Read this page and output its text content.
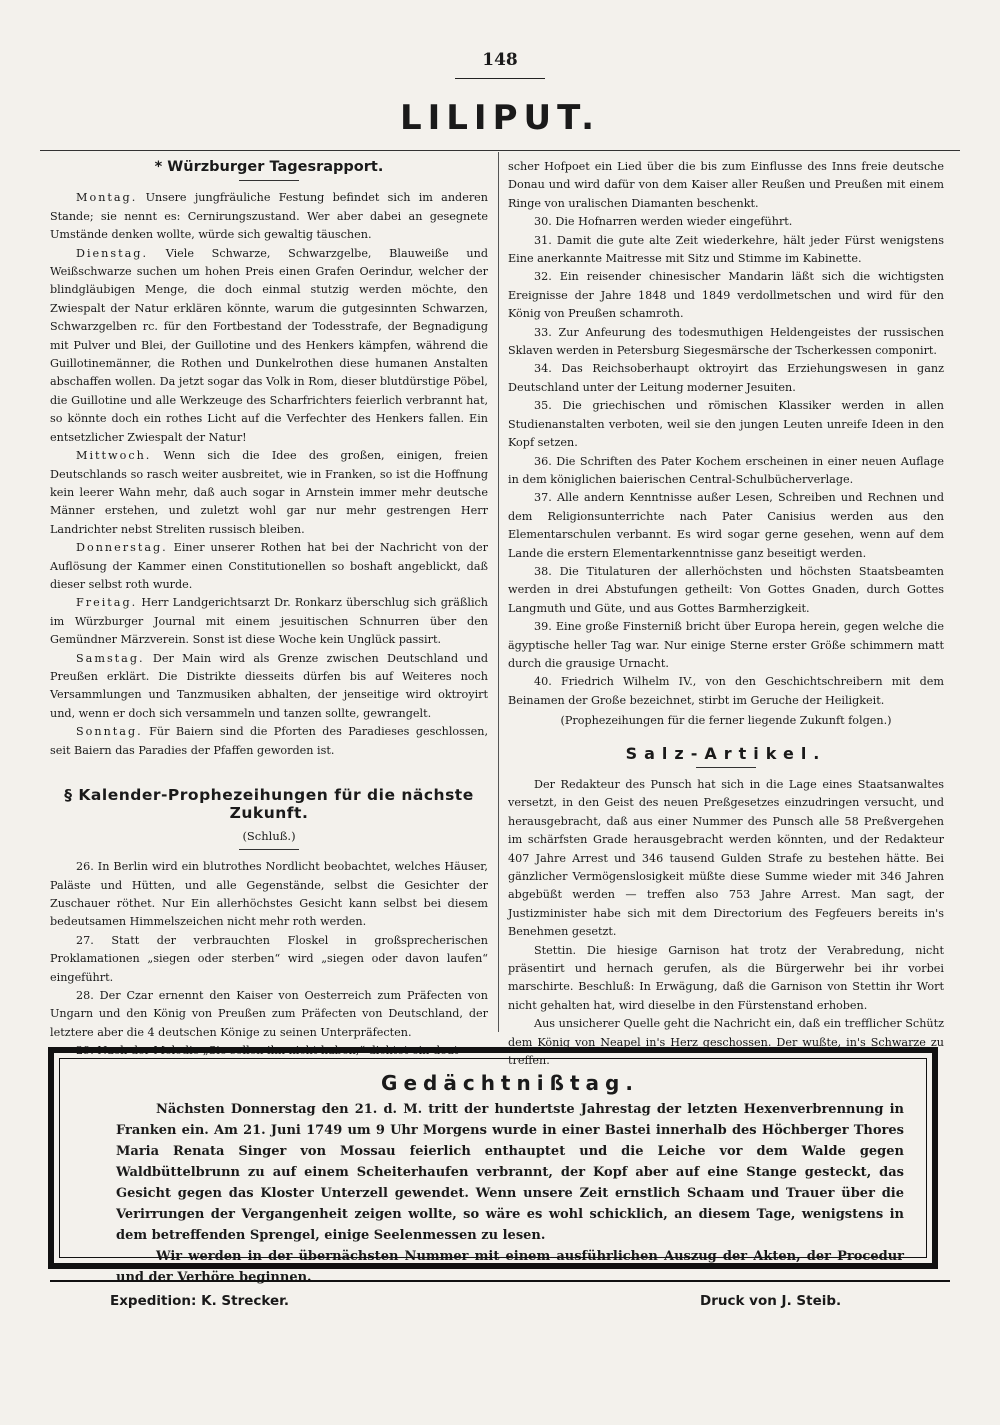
148
LILIPUT.
* Würzburger Tagesrapport.

Montag. Unsere jungfräuliche Festung befindet sich im anderen Stande; sie nennt es: Cernirungszustand. Wer aber dabei an gesegnete Umstände denken wollte, würde sich gewaltig täuschen.

Dienstag. Viele Schwarze, Schwarzgelbe, Blauweiße und Weißschwarze suchen um hohen Preis einen Grafen Oerindur, welcher der blindgläubigen Menge, die doch einmal stutzig werden möchte, den Zwiespalt der Natur erklären könnte, warum die gutgesinnten Schwarzen, Schwarzgelben rc. für den Fortbestand der Todesstrafe, der Begnadigung mit Pulver und Blei, der Guillotine und des Henkers kämpfen, während die Guillotinemänner, die Rothen und Dunkelrothen diese humanen Anstalten abschaffen wollen. Da jetzt sogar das Volk in Rom, dieser blutdürstige Pöbel, die Guillotine und alle Werkzeuge des Scharfrichters feierlich verbrannt hat, so könnte doch ein rothes Licht auf die Verfechter des Henkers fallen. Ein entsetzlicher Zwiespalt der Natur!

Mittwoch. Wenn sich die Idee des großen, einigen, freien Deutschlands so rasch weiter ausbreitet, wie in Franken, so ist die Hoffnung kein leerer Wahn mehr, daß auch sogar in Arnstein immer mehr deutsche Männer erstehen, und zuletzt wohl gar nur mehr gestrengen Herr Landrichter nebst Streliten russisch bleiben.

Donnerstag. Einer unserer Rothen hat bei der Nachricht von der Auflösung der Kammer einen Constitutionellen so boshaft angeblickt, daß dieser selbst roth wurde.

Freitag. Herr Landgerichtsarzt Dr. Ronkarz überschlug sich gräßlich im Würzburger Journal mit einem jesuitischen Schnurren über den Gemündner Märzverein. Sonst ist diese Woche kein Unglück passirt.

Samstag. Der Main wird als Grenze zwischen Deutschland und Preußen erklärt. Die Distrikte diesseits dürfen bis auf Weiteres noch Versammlungen und Tanzmusiken abhalten, der jenseitige wird oktroyirt und, wenn er doch sich versammeln und tanzen sollte, gewrangelt.

Sonntag. Für Baiern sind die Pforten des Paradieses geschlossen, seit Baiern das Paradies der Pfaffen geworden ist.

§ Kalender-Prophezeihungen für die nächste Zukunft.
(Schluß.)

26. In Berlin wird ein blutrothes Nordlicht beobachtet, welches Häuser, Paläste und Hütten, und alle Gegenstände, selbst die Gesichter der Zuschauer röthet. Nur Ein allerhöchstes Gesicht kann selbst bei diesem bedeutsamen Himmelszeichen nicht mehr roth werden.

27. Statt der verbrauchten Floskel in großsprecherischen Proklamationen „siegen oder sterben“ wird „siegen oder davon laufen“ eingeführt.

28. Der Czar ernennt den Kaiser von Oesterreich zum Präfecten von Ungarn und den König von Preußen zum Präfecten von Deutschland, der letztere aber die 4 deutschen Könige zu seinen Unterpräfecten.

29. Nach der Melodie „Sie sollen ihn nicht haben,“ dichtet ein deut-

scher Hofpoet ein Lied über die bis zum Einflusse des Inns freie deutsche Donau und wird dafür von dem Kaiser aller Reußen und Preußen mit einem Ringe von uralischen Diamanten beschenkt.

30. Die Hofnarren werden wieder eingeführt.

31. Damit die gute alte Zeit wiederkehre, hält jeder Fürst wenigstens Eine anerkannte Maitresse mit Sitz und Stimme im Kabinette.

32. Ein reisender chinesischer Mandarin läßt sich die wichtigsten Ereignisse der Jahre 1848 und 1849 verdollmetschen und wird für den König von Preußen schamroth.

33. Zur Anfeurung des todesmuthigen Heldengeistes der russischen Sklaven werden in Petersburg Siegesmärsche der Tscherkessen componirt.

34. Das Reichsoberhaupt oktroyirt das Erziehungswesen in ganz Deutschland unter der Leitung moderner Jesuiten.

35. Die griechischen und römischen Klassiker werden in allen Studienanstalten verboten, weil sie den jungen Leuten unreife Ideen in den Kopf setzen.

36. Die Schriften des Pater Kochem erscheinen in einer neuen Auflage in dem königlichen baierischen Central-Schulbücherverlage.

37. Alle andern Kenntnisse außer Lesen, Schreiben und Rechnen und dem Religionsunterrichte nach Pater Canisius werden aus den Elementarschulen verbannt. Es wird sogar gerne gesehen, wenn auf dem Lande die erstern Elementarkenntnisse ganz beseitigt werden.

38. Die Titulaturen der allerhöchsten und höchsten Staatsbeamten werden in drei Abstufungen getheilt: Von Gottes Gnaden, durch Gottes Langmuth und Güte, und aus Gottes Barmherzigkeit.

39. Eine große Finsterniß bricht über Europa herein, gegen welche die ägyptische heller Tag war. Nur einige Sterne erster Größe schimmern matt durch die grausige Urnacht.

40. Friedrich Wilhelm IV., von den Geschichtschreibern mit dem Beinamen der Große bezeichnet, stirbt im Geruche der Heiligkeit.

(Prophezeihungen für die ferner liegende Zukunft folgen.)

Salz-Artikel.

Der Redakteur des Punsch hat sich in die Lage eines Staatsanwaltes versetzt, in den Geist des neuen Preßgesetzes einzudringen versucht, und herausgebracht, daß aus einer Nummer des Punsch alle 58 Preßvergehen im schärfsten Grade herausgebracht werden könnten, und der Redakteur 407 Jahre Arrest und 346 tausend Gulden Strafe zu bestehen hätte. Bei gänzlicher Vermögenslosigkeit müßte diese Summe wieder mit 346 Jahren abgebüßt werden — treffen also 753 Jahre Arrest. Man sagt, der Justizminister habe sich mit dem Directorium des Fegfeuers bereits in's Benehmen gesetzt.

Stettin. Die hiesige Garnison hat trotz der Verabredung, nicht präsentirt und hernach gerufen, als die Bürgerwehr bei ihr vorbei marschirte. Beschluß: In Erwägung, daß die Garnison von Stettin ihr Wort nicht gehalten hat, wird dieselbe in den Fürstenstand erhoben.

Aus unsicherer Quelle geht die Nachricht ein, daß ein trefflicher Schütz dem König von Neapel in's Herz geschossen. Der wußte, in's Schwarze zu treffen.

Gedächtnißtag.

Nächsten Donnerstag den 21. d. M. tritt der hundertste Jahrestag der letzten Hexenverbrennung in Franken ein. Am 21. Juni 1749 um 9 Uhr Morgens wurde in einer Bastei innerhalb des Höchberger Thores Maria Renata Singer von Mossau feierlich enthauptet und die Leiche vor dem Walde gegen Waldbüttelbrunn zu auf einem Scheiterhaufen verbrannt, der Kopf aber auf eine Stange gesteckt, das Gesicht gegen das Kloster Unterzell gewendet. Wenn unsere Zeit ernstlich Schaam und Trauer über die Verirrungen der Vergangenheit zeigen wollte, so wäre es wohl schicklich, an diesem Tage, wenigstens in dem betreffenden Sprengel, einige Seelenmessen zu lesen.

Wir werden in der übernächsten Nummer mit einem ausführlichen Auszug der Akten, der Procedur und der Verhöre beginnen.

Expedition: K. Strecker.	Druck von J. Steib.
